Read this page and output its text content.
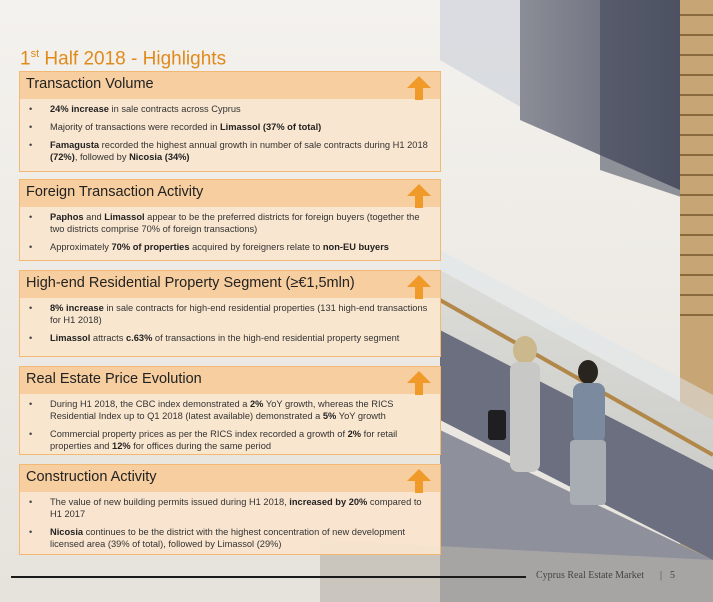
1st Half 2018 - Highlights
Transaction Volume
• 24% increase in sale contracts across Cyprus
• Majority of transactions were recorded in Limassol (37% of total)
• Famagusta recorded the highest annual growth in number of sale contracts during H1 2018 (72%), followed by Nicosia (34%)
Foreign Transaction Activity
• Paphos and Limassol appear to be the preferred districts for foreign buyers (together the two districts comprise 70% of foreign transactions)
• Approximately 70% of properties acquired by foreigners relate to non-EU buyers
High-end Residential Property Segment (≥€1,5mln)
• 8% increase in sale contracts for high-end residential properties (131 high-end transactions for H1 2018)
• Limassol attracts c.63% of transactions in the high-end residential property segment
Real Estate Price Evolution
• During H1 2018, the CBC index demonstrated a 2% YoY growth, whereas the RICS Residential Index up to Q1 2018 (latest available) demonstrated a 5% YoY growth
• Commercial property prices as per the RICS index recorded a growth of 2% for retail properties and 12% for offices during the same period
Construction Activity
• The value of new building permits issued during H1 2018, increased by 20% compared to H1 2017
• Nicosia continues to be the district with the highest concentration of new development licensed area (39% of total), followed by Limassol (29%)
Cyprus Real Estate Market | 5
